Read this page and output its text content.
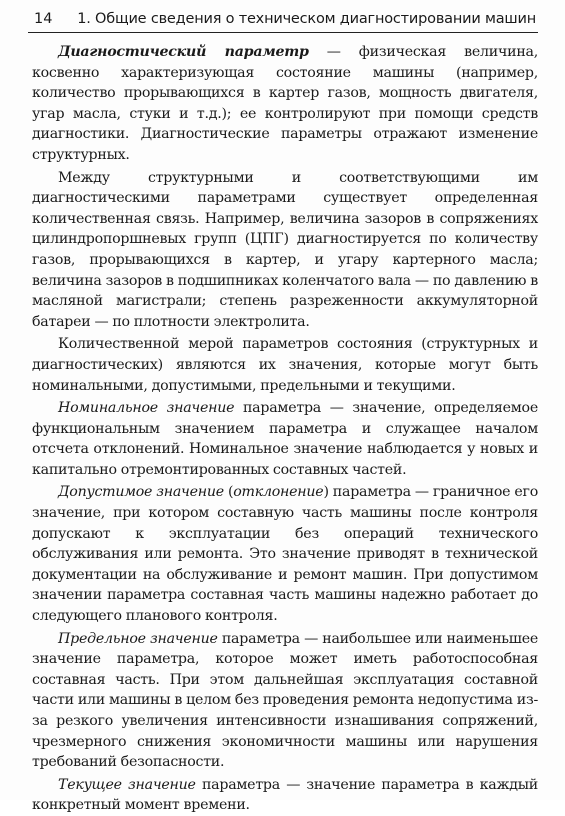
14 1. Общие сведения о техническом диагностировании машин

Диагностический параметр — физическая величина, косвенно характеризующая состояние машины (например, количество прорывающихся в картер газов, мощность двигателя, угар масла, стуки и т.д.); ее контролируют при помощи средств диагностики. Диагностические параметры отражают изменение структурных.

Между структурными и соответствующими им диагностическими параметрами существует определенная количественная связь. Например, величина зазоров в сопряжениях цилиндропоршневых групп (ЦПГ) диагностируется по количеству газов, прорывающихся в картер, и угару картерного масла; величина зазоров в подшипниках коленчатого вала — по давлению в масляной магистрали; степень разреженности аккумуляторной батареи — по плотности электролита.

Количественной мерой параметров состояния (структурных и диагностических) являются их значения, которые могут быть номинальными, допустимыми, предельными и текущими.

Номинальное значение параметра — значение, определяемое функциональным значением параметра и служащее началом отсчета отклонений. Номинальное значение наблюдается у новых и капитально отремонтированных составных частей.

Допустимое значение (отклонение) параметра — граничное его значение, при котором составную часть машины после контроля допускают к эксплуатации без операций технического обслуживания или ремонта. Это значение приводят в технической документации на обслуживание и ремонт машин. При допустимом значении параметра составная часть машины надежно работает до следующего планового контроля.

Предельное значение параметра — наибольшее или наименьшее значение параметра, которое может иметь работоспособная составная часть. При этом дальнейшая эксплуатация составной части или машины в целом без проведения ремонта недопустима из-за резкого увеличения интенсивности изнашивания сопряжений, чрезмерного снижения экономичности машины или нарушения требований безопасности.

Текущее значение параметра — значение параметра в каждый конкретный момент времени.
